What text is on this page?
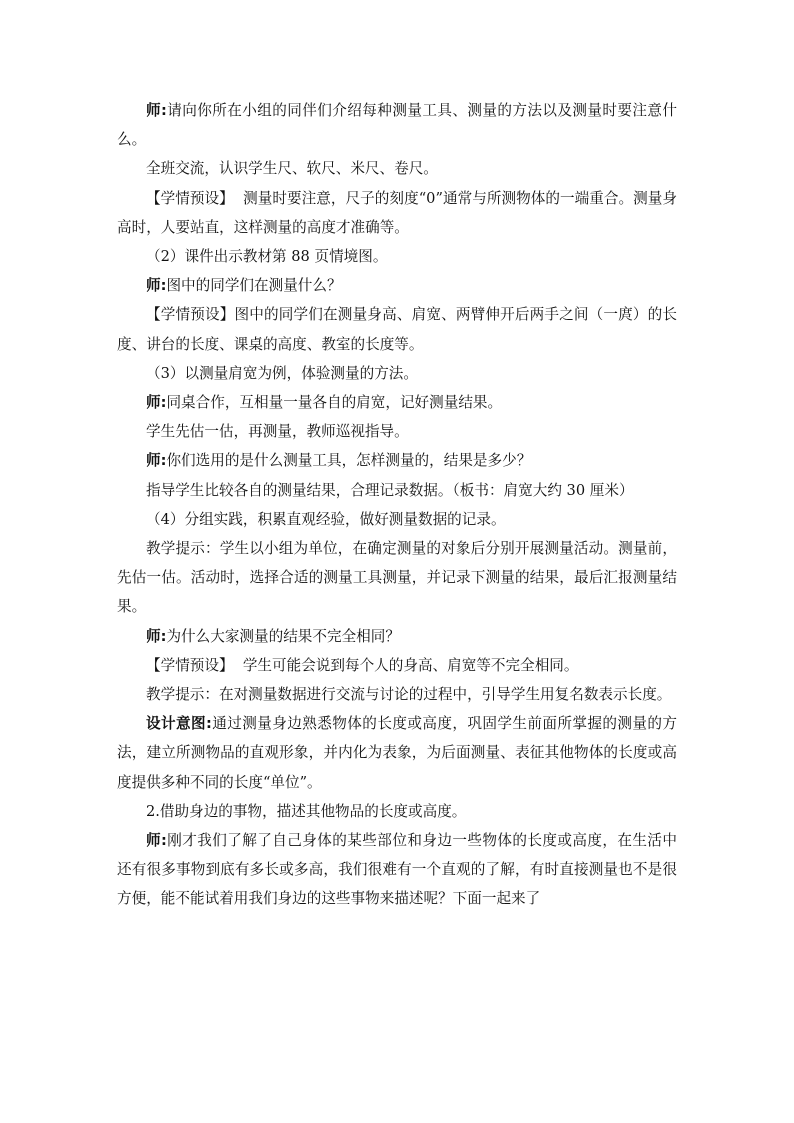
师:请向你所在小组的同伴们介绍每种测量工具、测量的方法以及测量时要注意什么。

全班交流，认识学生尺、软尺、米尺、卷尺。

【学情预设】  测量时要注意，尺子的刻度“0”通常与所测物体的一端重合。测量身高时，人要站直，这样测量的高度才准确等。

（2）课件出示教材第 88 页情境图。

师:图中的同学们在测量什么？

【学情预设】图中的同学们在测量身高、肩宽、两臂伸开后两手之间（一庹）的长度、讲台的长度、课桌的高度、教室的长度等。

（3）以测量肩宽为例，体验测量的方法。

师:同桌合作，互相量一量各自的肩宽，记好测量结果。

学生先估一估，再测量，教师巡视指导。

师:你们选用的是什么测量工具，怎样测量的，结果是多少？

指导学生比较各自的测量结果，合理记录数据。（板书：肩宽大约 30 厘米）

（4）分组实践，积累直观经验，做好测量数据的记录。

教学提示：学生以小组为单位，在确定测量的对象后分别开展测量活动。测量前，先估一估。活动时，选择合适的测量工具测量，并记录下测量的结果，最后汇报测量结果。

师:为什么大家测量的结果不完全相同？

【学情预设】  学生可能会说到每个人的身高、肩宽等不完全相同。

教学提示：在对测量数据进行交流与讨论的过程中，引导学生用复名数表示长度。

设计意图:通过测量身边熟悉物体的长度或高度，巩固学生前面所掌握的测量的方法，建立所测物品的直观形象，并内化为表象，为后面测量、表征其他物体的长度或高度提供多种不同的长度“单位”。

2.借助身边的事物，描述其他物品的长度或高度。

师:刚才我们了解了自己身体的某些部位和身边一些物体的长度或高度，在生活中还有很多事物到底有多长或多高，我们很难有一个直观的了解，有时直接测量也不是很方便，能不能试着用我们身边的这些事物来描述呢？下面一起来了
